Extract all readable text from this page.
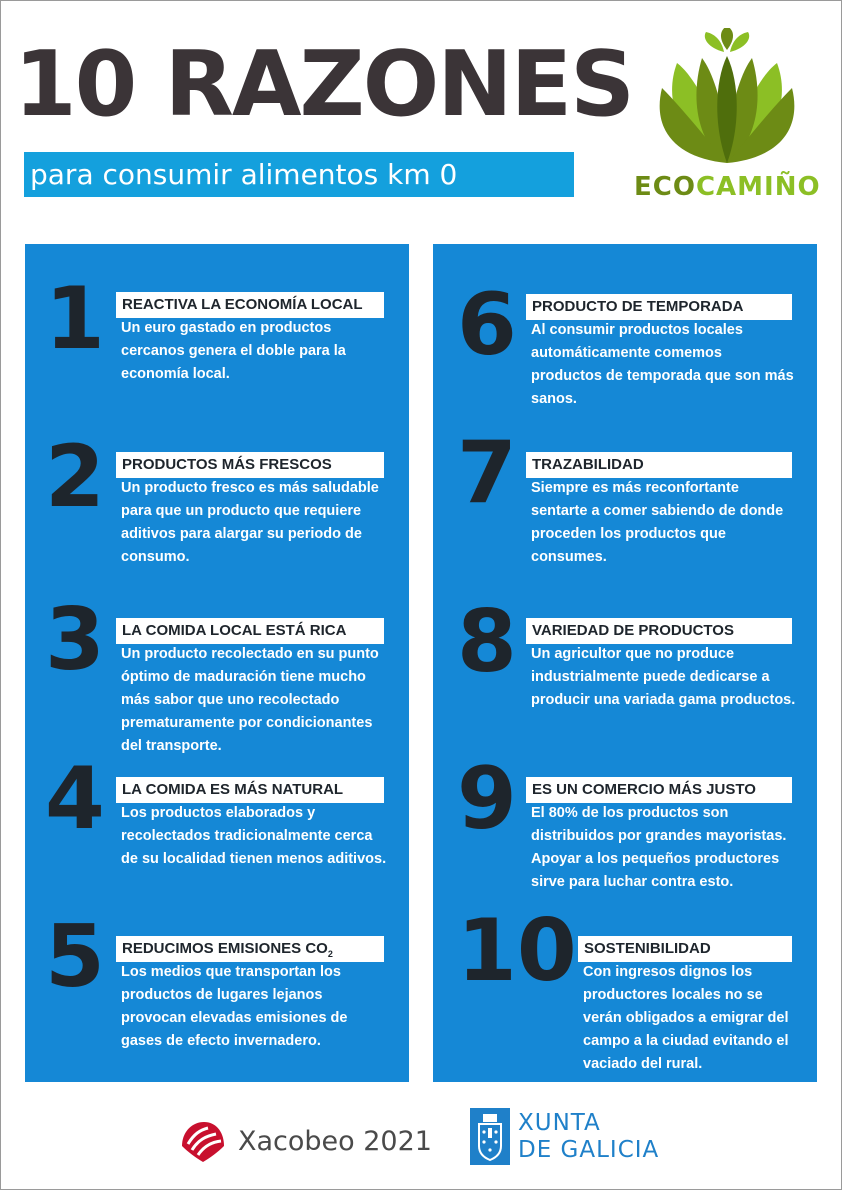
10 RAZONES
para consumir alimentos km 0	ECOCAMIÑO
1	REACTIVA LA ECONOMÍA LOCAL
Un euro gastado en productos cercanos genera el doble para la economía local.
2	PRODUCTOS MÁS FRESCOS
Un producto fresco es más saludable para que un producto que requiere aditivos para alargar su periodo de consumo.
3	LA COMIDA LOCAL ESTÁ RICA
Un producto recolectado en su punto óptimo de maduración tiene mucho más sabor que uno recolectado prematuramente por condicionantes del transporte.
4	LA COMIDA ES MÁS NATURAL
Los productos elaborados y recolectados tradicionalmente cerca de su localidad tienen menos aditivos.
5	REDUCIMOS EMISIONES $CO_2$
Los medios que transportan los productos de lugares lejanos provocan elevadas emisiones de gases de efecto invernadero.
6	PRODUCTO DE TEMPORADA
Al consumir productos locales automáticamente comemos productos de temporada que son más sanos.
7	TRAZABILIDAD
Siempre es más reconfortante sentarte a comer sabiendo de donde proceden los productos que consumes.
8	VARIEDAD DE PRODUCTOS
Un agricultor que no produce industrialmente puede dedicarse a producir una variada gama productos.
9	ES UN COMERCIO MÁS JUSTO
El 80% de los productos son distribuidos por grandes mayoristas. Apoyar a los pequeños productores sirve para luchar contra esto.
10 SOSTENIBILIDAD
Con ingresos dignos los productores locales no se verán obligados a emigrar del campo a la ciudad evitando el vaciado del rural.
Xacobeo 2021
XUNTA
DE GALICIA
